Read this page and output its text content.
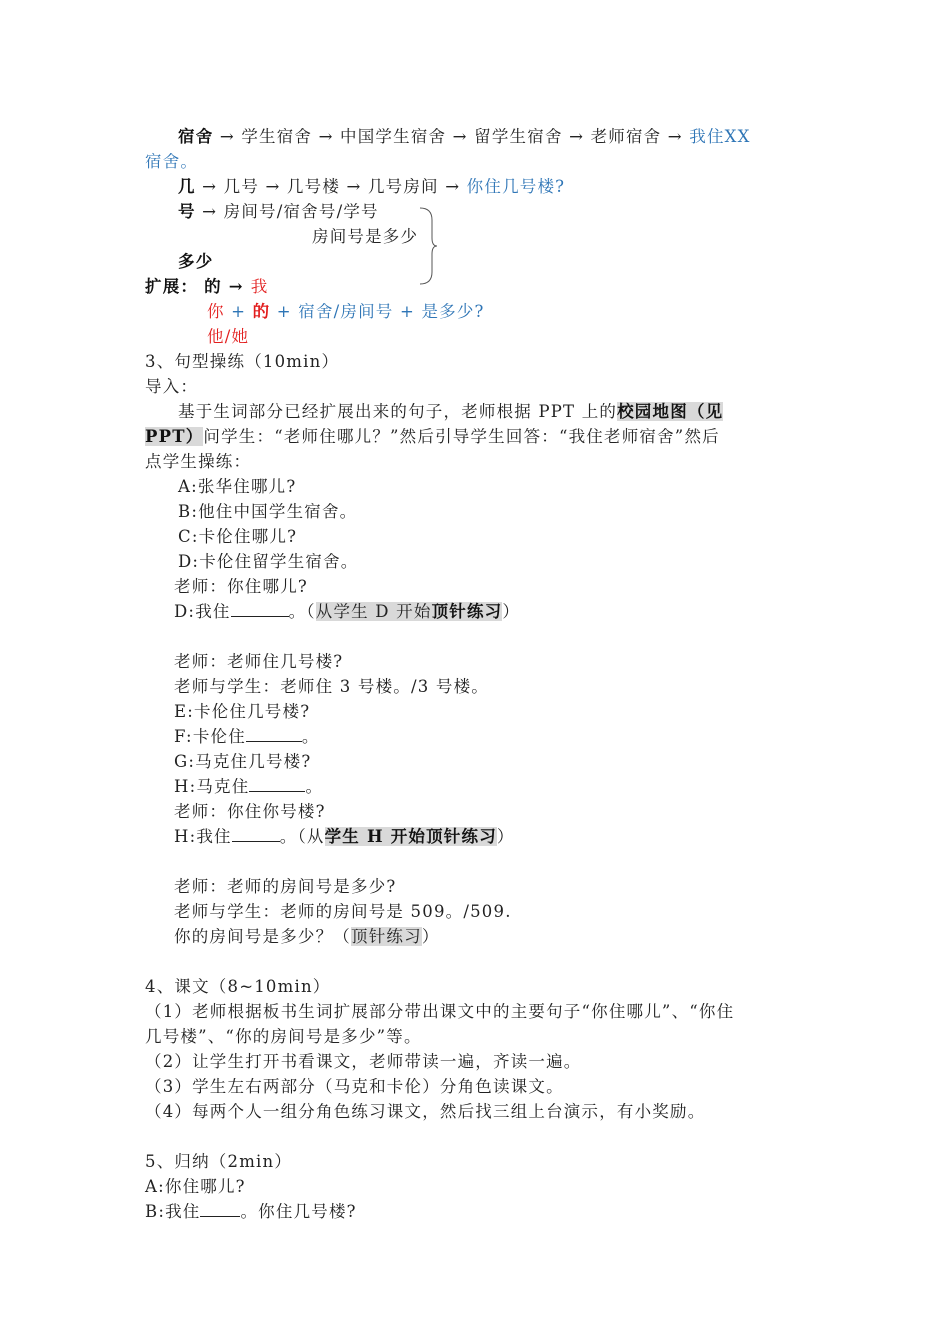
宿舍 → 学生宿舍 → 中国学生宿舍 → 留学生宿舍 → 老师宿舍 → 我住XX
宿舍。
几 → 几号 → 几号楼 → 几号房间 → 你住几号楼?
号 → 房间号/宿舍号/学号
房间号是多少
多少
扩展： 的 → 我
你 + 的 + 宿舍/房间号 + 是多少?
他/她
3、句型操练（10min）
导入：
基于生词部分已经扩展出来的句子，老师根据 PPT 上的校园地图（见
PPT）问学生：“老师住哪儿？”然后引导学生回答：“我住老师宿舍”然后
点学生操练：
A:张华住哪儿?
B:他住中国学生宿舍。
C:卡伦住哪儿?
D:卡伦住留学生宿舍。
老师：你住哪儿?
D:我住	。（从学生 D 开始顶针练习）
老师：老师住几号楼?
老师与学生：老师住 3 号楼。/3 号楼。
E:卡伦住几号楼?
F:卡伦住	。
G:马克住几号楼?
H:马克住	。
老师：你住你号楼?
H:我住	。（从学生 H 开始顶针练习）
老师：老师的房间号是多少?
老师与学生：老师的房间号是 509。/509.
你的房间号是多少？（顶针练习）
4、课文（8~10min）
（1）老师根据板书生词扩展部分带出课文中的主要句子“你住哪儿”、“你住
几号楼”、“你的房间号是多少”等。
（2）让学生打开书看课文，老师带读一遍，齐读一遍。
（3）学生左右两部分（马克和卡伦）分角色读课文。
（4）每两个人一组分角色练习课文，然后找三组上台演示，有小奖励。
5、归纳（2min）
A:你住哪儿?
B:我住 。你住几号楼?
